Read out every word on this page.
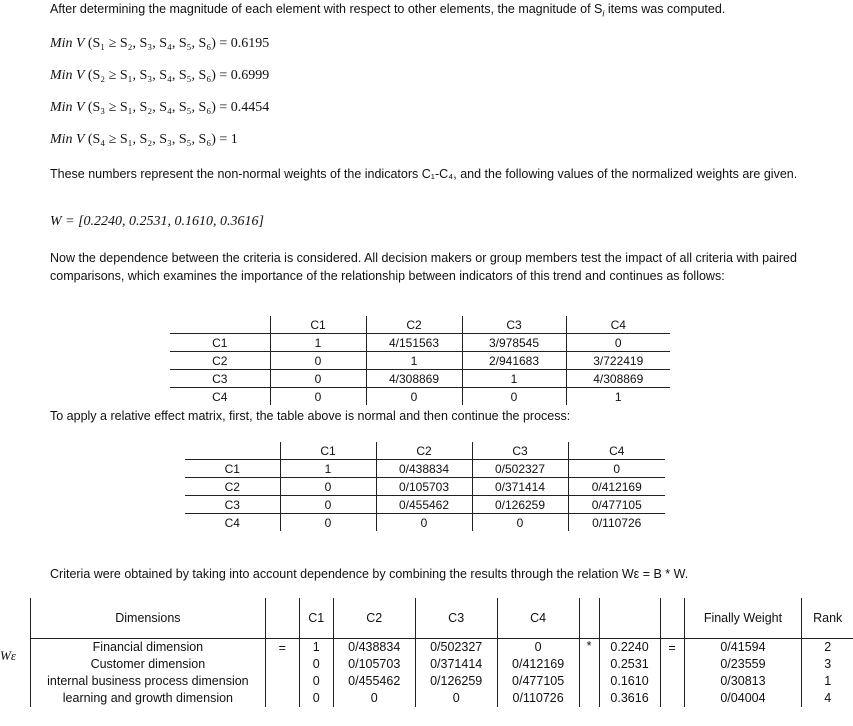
After determining the magnitude of each element with respect to other elements, the magnitude of $S_i$ items was computed.
Min V (S₁ ≥ S₂, S₃, S₄, S₅, S₆) = 0.6195
Min V (S₂ ≥ S₁, S₃, S₄, S₅, S₆) = 0.6999
Min V (S₃ ≥ S₁, S₂, S₄, S₅, S₆) = 0.4454
Min V (S₄ ≥ S₁, S₂, S₃, S₅, S₆) = 1
These numbers represent the non-normal weights of the indicators C₁-C₄, and the following values of the normalized weights are given.
W = [0.2240, 0.2531, 0.1610, 0.3616]
Now the dependence between the criteria is considered. All decision makers or group members test the impact of all criteria with paired comparisons, which examines the importance of the relationship between indicators of this trend and continues as follows:
	C1	C2	C3	C4
C1	1	4/151563	3/978545	0
C2	0	1	2/941683	3/722419
C3	0	4/308869	1	4/308869
C4	0	0	0	1
To apply a relative effect matrix, first, the table above is normal and then continue the process:
	C1	C2	C3	C4
C1	1	0/438834	0/502327	0
C2	0	0/105703	0/371414	0/412169
C3	0	0/455462	0/126259	0/477105
C4	0	0	0	0/110726
Criteria were obtained by taking into account dependence by combining the results through the relation Wε = B * W.
Wε
Dimensions		C1	C2	C3	C4				Finally Weight	Rank
Financial dimension	=	1	0/438834	0/502327	0	*	0.2240	=	0/41594	2
Customer dimension		0	0/105703	0/371414	0/412169		0.2531		0/23559	3
internal business process dimension		0	0/455462	0/126259	0/477105		0.1610		0/30813	1
learning and growth dimension		0	0	0	0/110726		0.3616		0/04004	4
